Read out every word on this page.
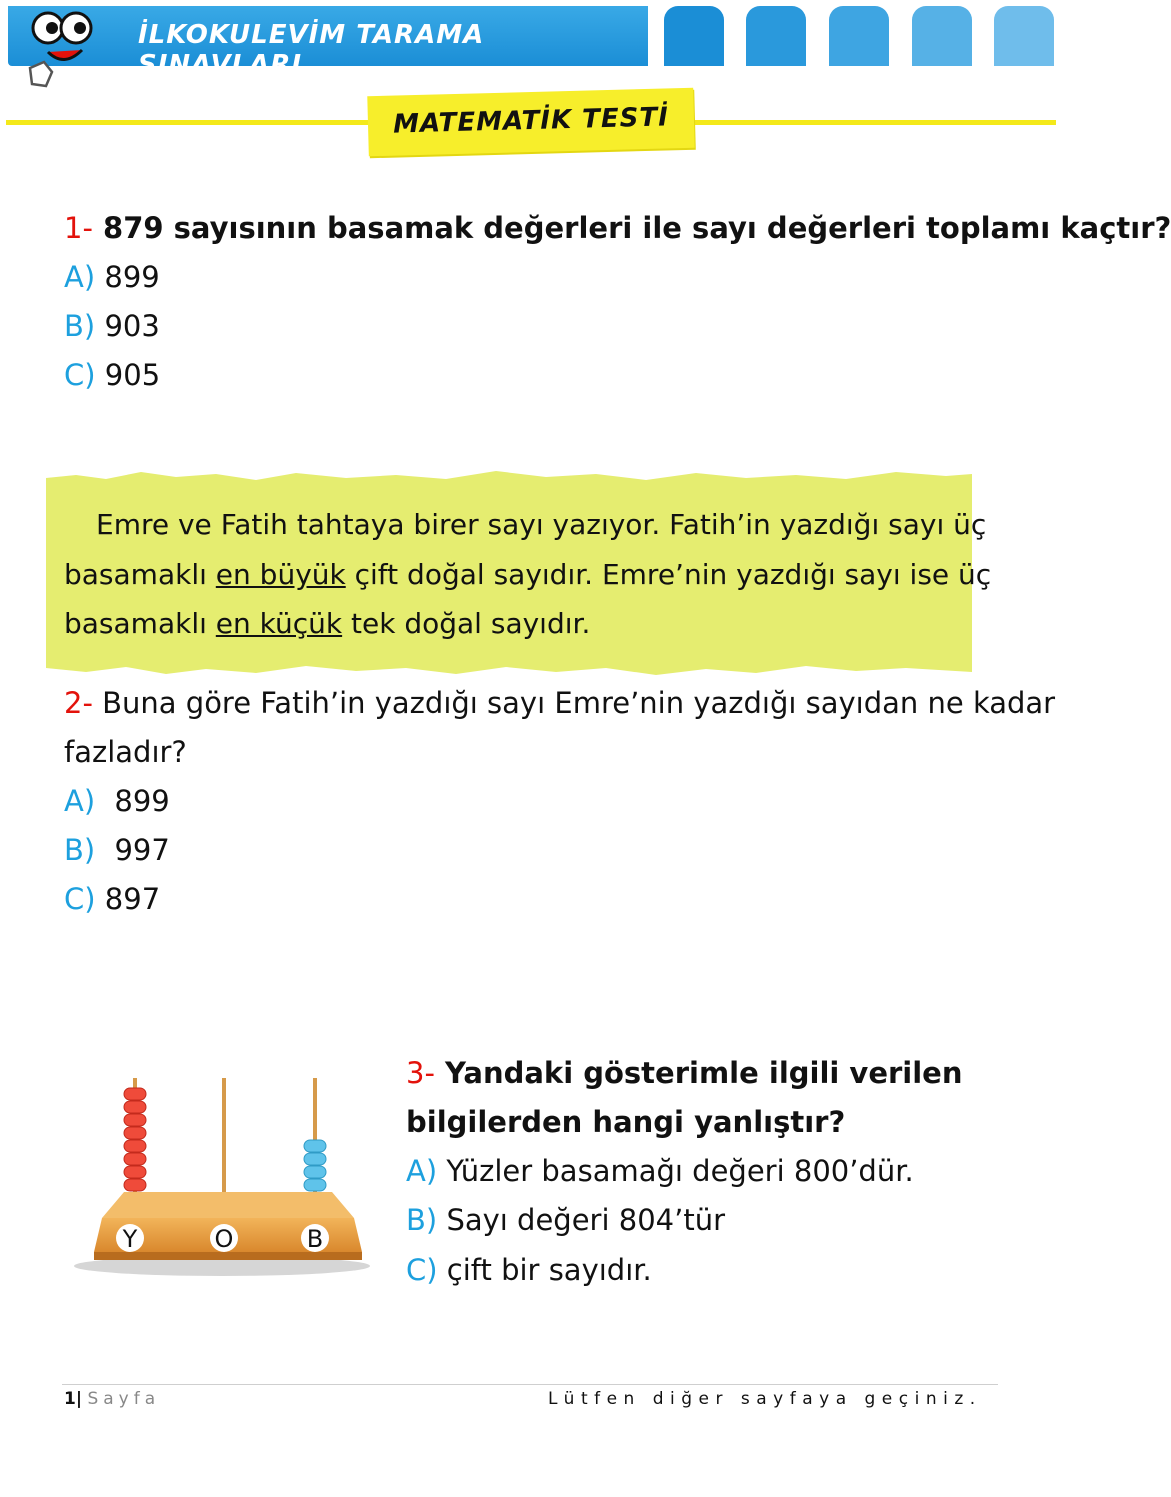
İLKOKULEVİM TARAMA SINAVLARI
MATEMATİK TESTİ
1- 879 sayısının basamak değerleri ile sayı değerleri toplamı kaçtır?
A) 899
B) 903
C) 905
Emre ve Fatih tahtaya birer sayı yazıyor. Fatih’in yazdığı sayı üç
basamaklı en büyük çift doğal sayıdır. Emre’nin yazdığı sayı ise üç
basamaklı en küçük tek doğal sayıdır.
2- Buna göre Fatih’in yazdığı sayı Emre’nin yazdığı sayıdan ne kadar
fazladır?
A) 899
B) 997
C) 897
Y	O	B
3- Yandaki gösterimle ilgili verilen
bilgilerden hangi yanlıştır?
A) Yüzler basamağı değeri 800’dür.
B) Sayı değeri 804’tür
C) çift bir sayıdır.
1| Sayfa	Lütfen diğer sayfaya geçiniz.
